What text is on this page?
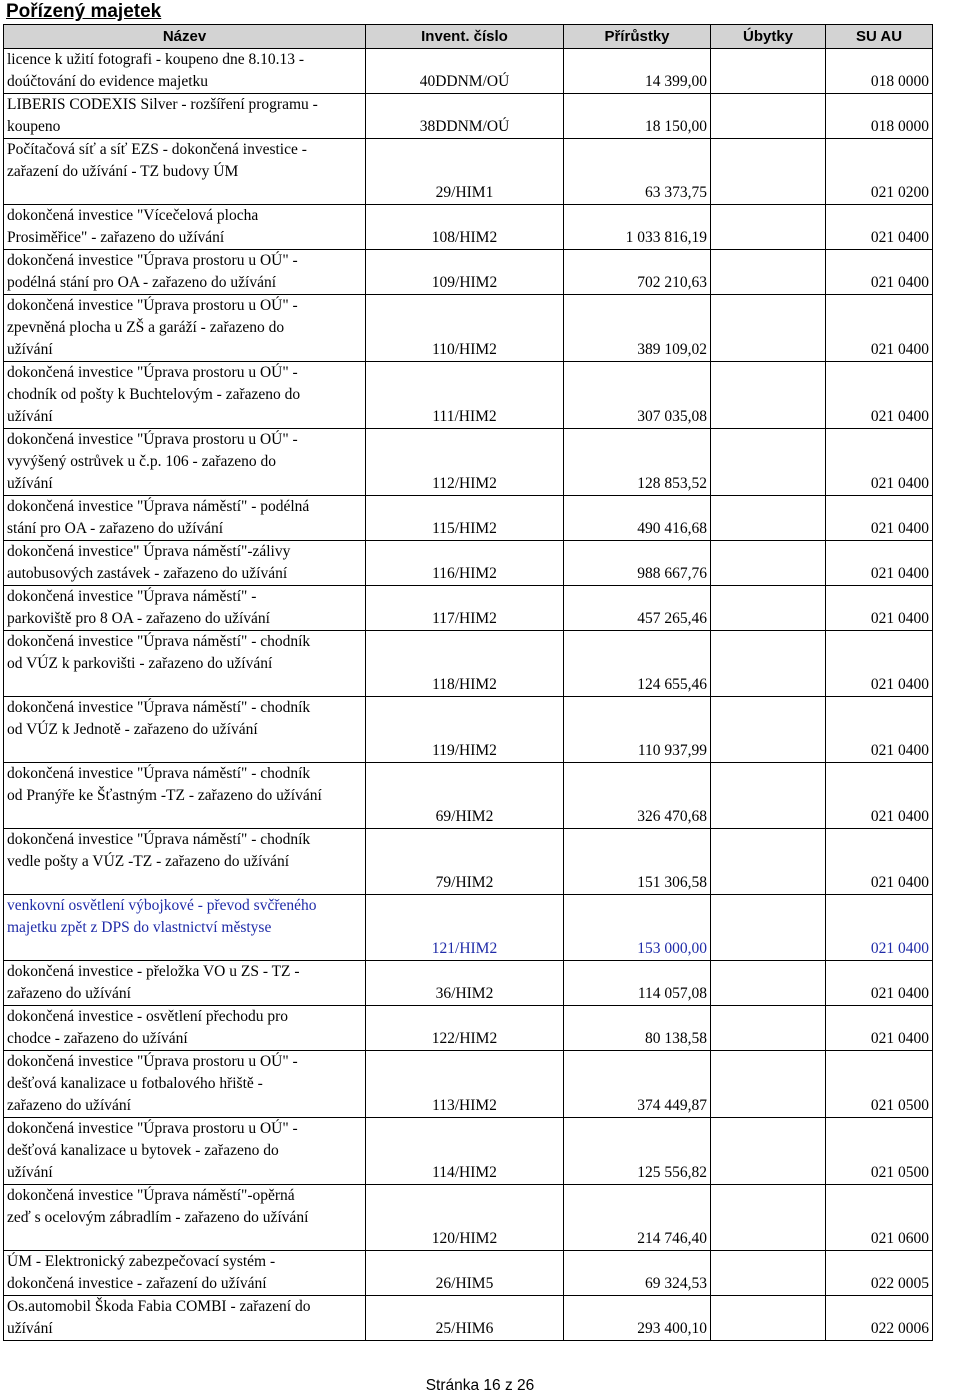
Pořízený majetek
Název	Invent. číslo	Přírůstky	Úbytky	SU AU
licence k užití fotografi - koupeno dne 8.10.13 -
doúčtování do evidence majetku	40DDNM/OÚ	14 399,00		018 0000
LIBERIS CODEXIS Silver - rozšíření programu -
koupeno	38DDNM/OÚ	18 150,00		018 0000
Počítačová síť a síť EZS - dokončená investice -
zařazení do užívání - TZ budovy ÚM	29/HIM1	63 373,75		021 0200
dokončená investice "Vícečelová plocha
Prosiměřice" - zařazeno do užívání	108/HIM2	1 033 816,19		021 0400
dokončená investice "Úprava prostoru u OÚ" -
podélná stání pro OA - zařazeno do užívání	109/HIM2	702 210,63		021 0400
dokončená investice "Úprava prostoru u OÚ" -
zpevněná plocha u ZŠ a garáží - zařazeno do
užívání	110/HIM2	389 109,02		021 0400
dokončená investice "Úprava prostoru u OÚ" -
chodník od pošty k Buchtelovým - zařazeno do
užívání	111/HIM2	307 035,08		021 0400
dokončená investice "Úprava prostoru u OÚ" -
vyvýšený ostrůvek u č.p. 106 - zařazeno do
užívání	112/HIM2	128 853,52		021 0400
dokončená investice "Úprava náměstí" - podélná
stání pro OA - zařazeno do užívání	115/HIM2	490 416,68		021 0400
dokončená investice" Úprava náměstí"-zálivy
autobusových zastávek - zařazeno do užívání	116/HIM2	988 667,76		021 0400
dokončená investice "Úprava náměstí" -
parkoviště pro 8 OA - zařazeno do užívání	117/HIM2	457 265,46		021 0400
dokončená investice "Úprava náměstí" - chodník
od VÚZ k parkovišti - zařazeno do užívání	118/HIM2	124 655,46		021 0400
dokončená investice "Úprava náměstí" - chodník
od VÚZ k Jednotě - zařazeno do užívání	119/HIM2	110 937,99		021 0400
dokončená investice "Úprava náměstí" - chodník
od Pranýře ke Šťastným -TZ - zařazeno do užívání	69/HIM2	326 470,68		021 0400
dokončená investice "Úprava náměstí" - chodník
vedle pošty a VÚZ -TZ - zařazeno do užívání	79/HIM2	151 306,58		021 0400
venkovní osvětlení výbojkové - převod svčřeného
majetku zpět z DPS do vlastnictví městyse	121/HIM2	153 000,00		021 0400
dokončená investice - přeložka VO u ZS - TZ -
zařazeno do užívání	36/HIM2	114 057,08		021 0400
dokončená investice - osvětlení přechodu pro
chodce - zařazeno do užívání	122/HIM2	80 138,58		021 0400
dokončená investice "Úprava prostoru u OÚ" -
dešťová kanalizace u fotbalového hřiště -
zařazeno do užívání	113/HIM2	374 449,87		021 0500
dokončená investice "Úprava prostoru u OÚ" -
dešťová kanalizace u bytovek - zařazeno do
užívání	114/HIM2	125 556,82		021 0500
dokončená investice "Úprava náměstí"-opěrná
zeď s ocelovým zábradlím - zařazeno do užívání	120/HIM2	214 746,40		021 0600
ÚM - Elektronický zabezpečovací systém -
dokončená investice - zařazení do užívání	26/HIM5	69 324,53		022 0005
Os.automobil Škoda Fabia COMBI - zařazení do
užívání	25/HIM6	293 400,10		022 0006
Stránka 16 z 26
